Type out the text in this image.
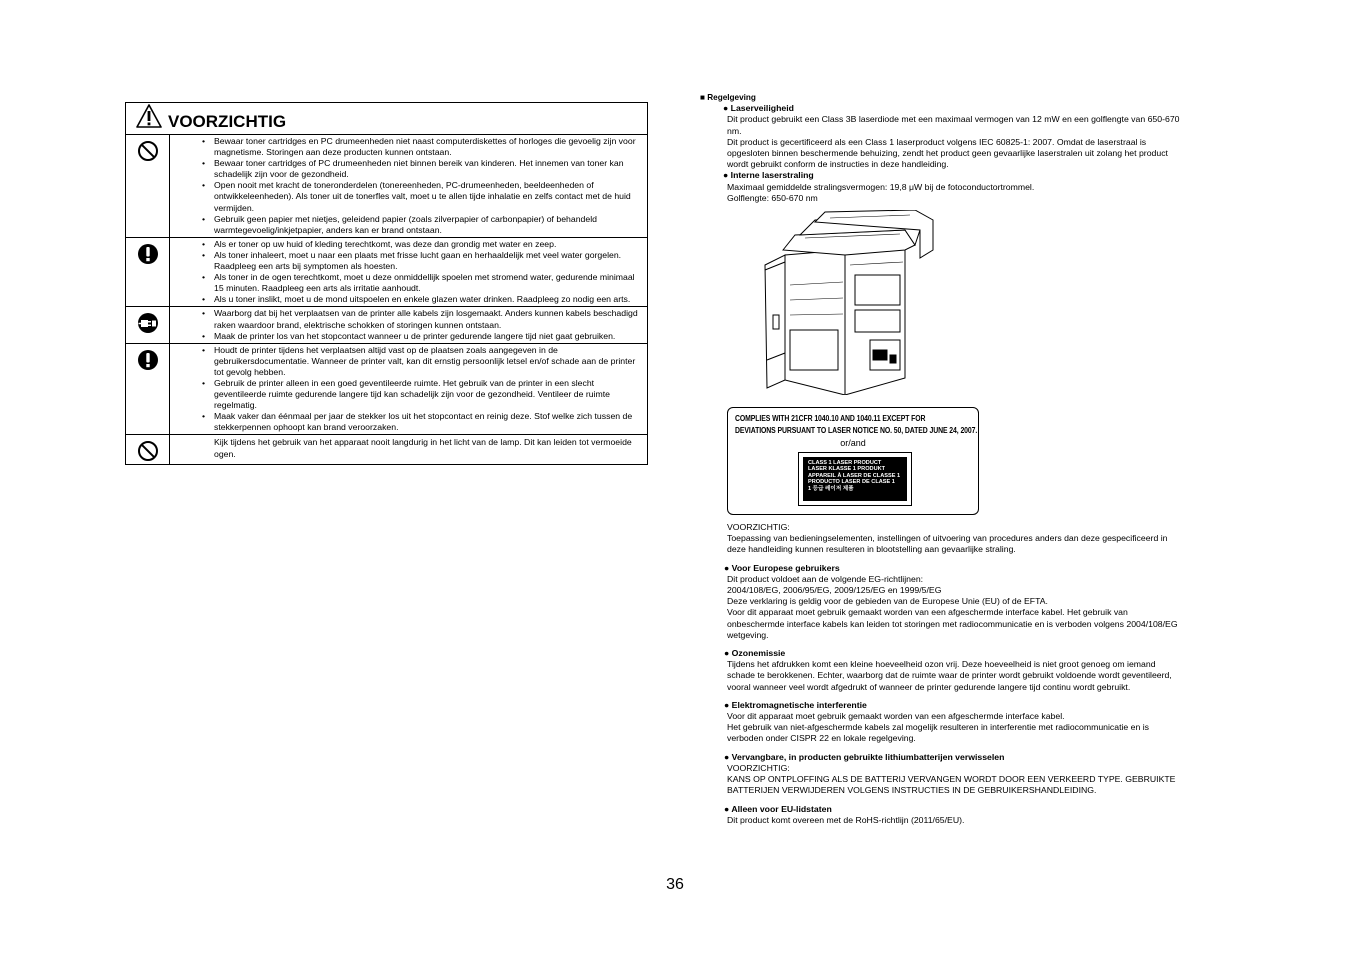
VOORZICHTIG
• Bewaar toner cartridges en PC drumeenheden niet naast computerdiskettes of horloges die gevoelig zijn voor magnetisme. Storingen aan deze producten kunnen ontstaan.
• Bewaar toner cartridges of PC drumeenheden niet binnen bereik van kinderen. Het innemen van toner kan schadelijk zijn voor de gezondheid.
• Open nooit met kracht de toneronderdelen (tonereenheden, PC-drumeenheden, beeldeenheden of ontwikkeleenheden). Als toner uit de tonerfles valt, moet u te allen tijde inhalatie en zelfs contact met de huid vermijden.
• Gebruik geen papier met nietjes, geleidend papier (zoals zilverpapier of carbonpapier) of behandeld warmtegevoelig/inkjetpapier, anders kan er brand ontstaan.
• Als er toner op uw huid of kleding terechtkomt, was deze dan grondig met water en zeep.
• Als toner inhaleert, moet u naar een plaats met frisse lucht gaan en herhaaldelijk met veel water gorgelen. Raadpleeg een arts bij symptomen als hoesten.
• Als toner in de ogen terechtkomt, moet u deze onmiddellijk spoelen met stromend water, gedurende minimaal 15 minuten. Raadpleeg een arts als irritatie aanhoudt.
• Als u toner inslikt, moet u de mond uitspoelen en enkele glazen water drinken. Raadpleeg zo nodig een arts.
• Waarborg dat bij het verplaatsen van de printer alle kabels zijn losgemaakt. Anders kunnen kabels beschadigd raken waardoor brand, elektrische schokken of storingen kunnen ontstaan.
• Maak de printer los van het stopcontact wanneer u de printer gedurende langere tijd niet gaat gebruiken.
• Houdt de printer tijdens het verplaatsen altijd vast op de plaatsen zoals aangegeven in de gebruikersdocumentatie. Wanneer de printer valt, kan dit ernstig persoonlijk letsel en/of schade aan de printer tot gevolg hebben.
• Gebruik de printer alleen in een goed geventileerde ruimte. Het gebruik van de printer in een slecht geventileerde ruimte gedurende langere tijd kan schadelijk zijn voor de gezondheid. Ventileer de ruimte regelmatig.
• Maak vaker dan éénmaal per jaar de stekker los uit het stopcontact en reinig deze. Stof welke zich tussen de stekkerpennen ophoopt kan brand veroorzaken.
Kijk tijdens het gebruik van het apparaat nooit langdurig in het licht van de lamp. Dit kan leiden tot vermoeide ogen.
■ Regelgeving
● Laserveiligheid
Dit product gebruikt een Class 3B laserdiode met een maximaal vermogen van 12 mW en een golflengte van 650-670
nm.
Dit product is gecertificeerd als een Class 1 laserproduct volgens IEC 60825-1: 2007. Omdat de laserstraal is
opgesloten binnen beschermende behuizing, zendt het product geen gevaarlijke laserstralen uit zolang het product
wordt gebruikt conform de instructies in deze handleiding.
● Interne laserstraling
Maximaal gemiddelde stralingsvermogen: 19,8 μW bij de fotoconductortrommel.
Golflengte: 650-670 nm
VOORZICHTIG:
Toepassing van bedieningselementen, instellingen of uitvoering van procedures anders dan deze gespecificeerd in
deze handleiding kunnen resulteren in blootstelling aan gevaarlijke straling.
● Voor Europese gebruikers
Dit product voldoet aan de volgende EG-richtlijnen:
2004/108/EG, 2006/95/EG, 2009/125/EG en 1999/5/EG
Deze verklaring is geldig voor de gebieden van de Europese Unie (EU) of de EFTA.
Voor dit apparaat moet gebruik gemaakt worden van een afgeschermde interface kabel. Het gebruik van
onbeschermde interface kabels kan leiden tot storingen met radiocommunicatie en is verboden volgens 2004/108/EG
wetgeving.
● Ozonemissie
Tijdens het afdrukken komt een kleine hoeveelheid ozon vrij. Deze hoeveelheid is niet groot genoeg om iemand
schade te berokkenen. Echter, waarborg dat de ruimte waar de printer wordt gebruikt voldoende wordt geventileerd,
vooral wanneer veel wordt afgedrukt of wanneer de printer gedurende langere tijd continu wordt gebruikt.
● Elektromagnetische interferentie
Voor dit apparaat moet gebruik gemaakt worden van een afgeschermde interface kabel.
Het gebruik van niet-afgeschermde kabels zal mogelijk resulteren in interferentie met radiocommunicatie en is
verboden onder CISPR 22 en lokale regelgeving.
● Vervangbare, in producten gebruikte lithiumbatterijen verwisselen
VOORZICHTIG:
KANS OP ONTPLOFFING ALS DE BATTERIJ VERVANGEN WORDT DOOR EEN VERKEERD TYPE. GEBRUIKTE
BATTERIJEN VERWIJDEREN VOLGENS INSTRUCTIES IN DE GEBRUIKERSHANDLEIDING.
● Alleen voor EU-lidstaten
Dit product komt overeen met de RoHS-richtlijn (2011/65/EU).
COMPLIES WITH 21CFR 1040.10 AND 1040.11 EXCEPT FOR
DEVIATIONS PURSUANT TO LASER NOTICE NO. 50, DATED JUNE 24, 2007.
or/and
CLASS 1 LASER PRODUCT
LASER KLASSE 1 PRODUKT
APPAREIL À LASER DE CLASSE 1
PRODUCTO LASER DE CLASE 1
1 등급 레이저 제품
36
